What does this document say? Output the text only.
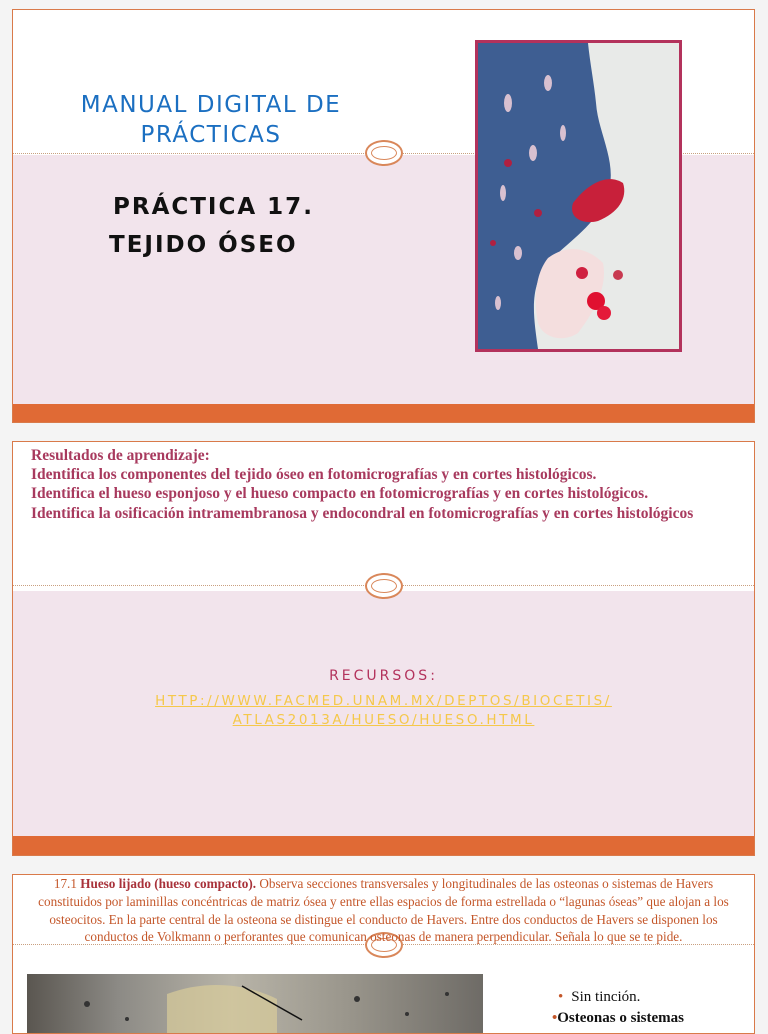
MANUAL DIGITAL DE PRÁCTICAS
PRÁCTICA 17.
TEJIDO ÓSEO
Resultados de aprendizaje:
Identifica los componentes del tejido óseo en fotomicrografías y en cortes histológicos.
Identifica el hueso esponjoso y el hueso compacto en fotomicrografías y en cortes histológicos.
Identifica la osificación intramembranosa y endocondral en fotomicrografías y en cortes histológicos
RECURSOS:
HTTP://WWW.FACMED.UNAM.MX/DEPTOS/BIOCETIS/
ATLAS2013A/HUESO/HUESO.HTML
17.1 Hueso lijado (hueso compacto). Observa secciones transversales y longitudinales de las osteonas o sistemas de Havers constituidos por laminillas concéntricas de matriz ósea y entre ellas espacios de forma estrellada o “lagunas óseas” que alojan a los osteocitos. En la parte central de la osteona se distingue el conducto de Havers. Entre dos conductos de Havers se disponen los conductos de Volkmann o perforantes que comunican osteonas de manera perpendicular. Señala lo que se te pide.
• Sin tinción.
•Osteonas o sistemas
